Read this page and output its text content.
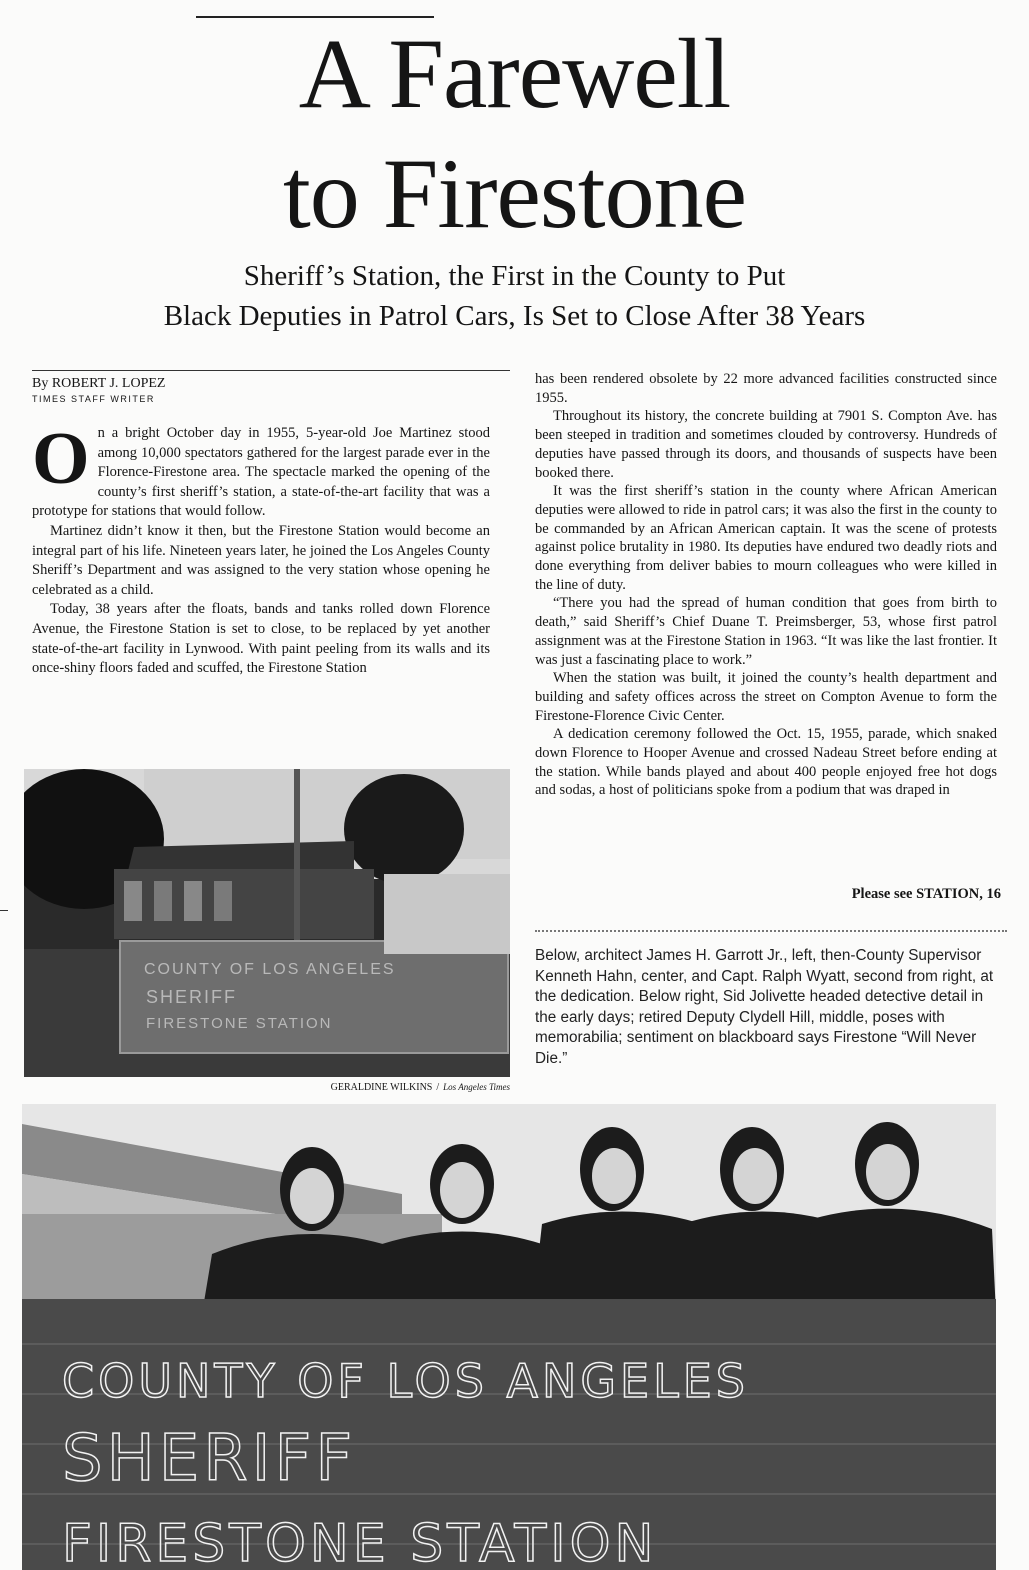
A Farewell
to Firestone
Sheriff’s Station, the First in the County to Put
Black Deputies in Patrol Cars, Is Set to Close After 38 Years
By ROBERT J. LOPEZ
TIMES STAFF WRITER
O n a bright October day in 1955, 5-year-old Joe Martinez stood among 10,000 spectators gathered for the largest parade ever in the Florence-Firestone area. The spectacle marked the opening of the county’s first sheriff’s station, a state-of-the-art facility that was a prototype for stations that would follow.

Martinez didn’t know it then, but the Firestone Station would become an integral part of his life. Nineteen years later, he joined the Los Angeles County Sheriff’s Department and was assigned to the very station whose opening he celebrated as a child.

Today, 38 years after the floats, bands and tanks rolled down Florence Avenue, the Firestone Station is set to close, to be replaced by yet another state-of-the-art facility in Lynwood. With paint peeling from its walls and its once-shiny floors faded and scuffed, the Firestone Station

has been rendered obsolete by 22 more advanced facilities constructed since 1955.

Throughout its history, the concrete building at 7901 S. Compton Ave. has been steeped in tradition and sometimes clouded by controversy. Hundreds of deputies have passed through its doors, and thousands of suspects have been booked there.

It was the first sheriff’s station in the county where African American deputies were allowed to ride in patrol cars; it was also the first in the county to be commanded by an African American captain. It was the scene of protests against police brutality in 1980. Its deputies have endured two deadly riots and done everything from deliver babies to mourn colleagues who were killed in the line of duty.

“There you had the spread of human condition that goes from birth to death,” said Sheriff’s Chief Duane T. Preimsberger, 53, whose first patrol assignment was at the Firestone Station in 1963. “It was like the last frontier. It was just a fascinating place to work.”

When the station was built, it joined the county’s health department and building and safety offices across the street on Compton Avenue to form the Firestone-Florence Civic Center.

A dedication ceremony followed the Oct. 15, 1955, parade, which snaked down Florence to Hooper Avenue and crossed Nadeau Street before ending at the station. While bands played and about 400 people enjoyed free hot dogs and sodas, a host of politicians spoke from a podium that was draped in

Please see STATION, 16

Below, architect James H. Garrott Jr., left, then-County Supervisor Kenneth Hahn, center, and Capt. Ralph Wyatt, second from right, at the dedication. Below right, Sid Jolivette headed detective detail in the early days; retired Deputy Clydell Hill, middle, poses with memorabilia; sentiment on blackboard says Firestone “Will Never Die.”

COUNTY OF LOS ANGELES
SHERIFF
FIRESTONE STATION
GERALDINE WILKINS / Los Angeles Times
COUNTY OF LOS ANGELES
SHERIFF
FIRESTONE STATION
